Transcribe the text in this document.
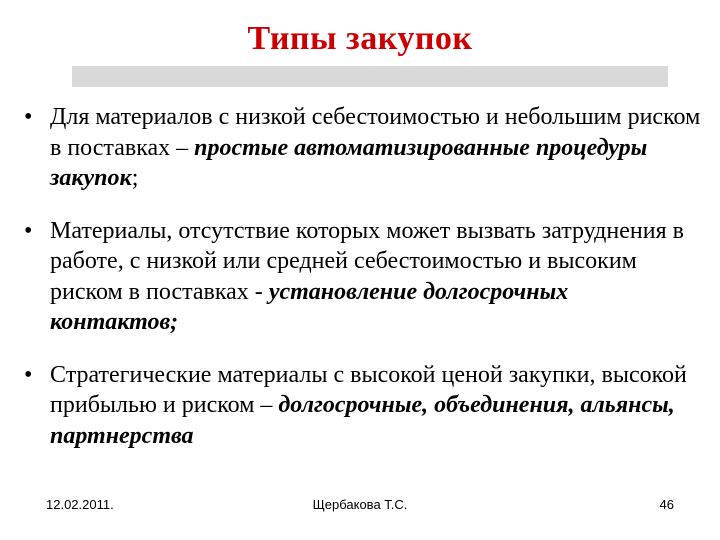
Типы закупок
• Для материалов с низкой себестоимостью и небольшим риском в поставках – простые автоматизированные процедуры закупок;
• Материалы, отсутствие которых может вызвать затруднения в работе, с низкой или средней себестоимостью и высоким риском в поставках - установление долгосрочных контактов;
• Стратегические материалы с высокой ценой закупки, высокой прибылью и риском – долгосрочные, объединения, альянсы, партнерства
12.02.2011.	Щербакова Т.С.	46
